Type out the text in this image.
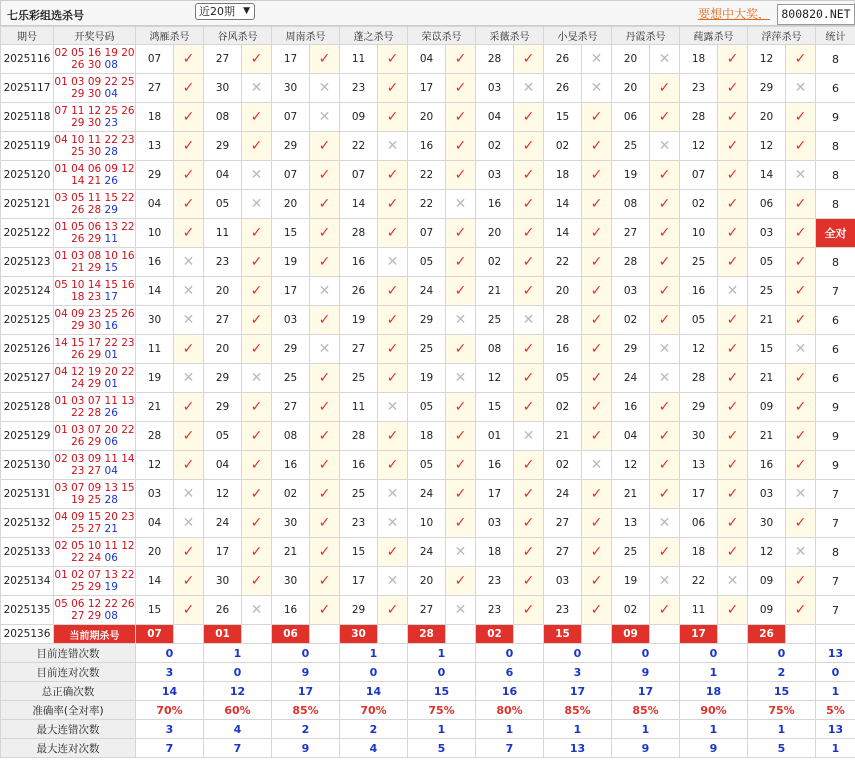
七乐彩组选杀号	近20期 ▼	要想中大奖， 800820.NET
期号	开奖号码	鸿雁杀号		谷风杀号		周南杀号		蓬之杀号		荣苡杀号		采薇杀号		小旻杀号		丹霞杀号		莼露杀号		浮萍杀号		统计
2025116	02 05 16 19 20
26 30 08	07	✓	27	✓	17	✓	11	✓	04	✓	28	✓	26	✕	20	✕	18	✓	12	✓	8
2025117	01 03 09 22 25
29 30 04	27	✓	30	✕	30	✕	23	✓	17	✓	03	✕	26	✕	20	✓	23	✓	29	✕	6
2025118	07 11 12 25 26
29 30 23	18	✓	08	✓	07	✕	09	✓	20	✓	04	✓	15	✓	06	✓	28	✓	20	✓	9
2025119	04 10 11 22 23
25 30 28	13	✓	29	✓	29	✓	22	✕	16	✓	02	✓	02	✓	25	✕	12	✓	12	✓	8
2025120	01 04 06 09 12
14 21 26	29	✓	04	✕	07	✓	07	✓	22	✓	03	✓	18	✓	19	✓	07	✓	14	✕	8
2025121	03 05 11 15 22
26 28 29	04	✓	05	✕	20	✓	14	✓	22	✕	16	✓	14	✓	08	✓	02	✓	06	✓	8
2025122	01 05 06 13 22
26 29 11	10	✓	11	✓	15	✓	28	✓	07	✓	20	✓	14	✓	27	✓	10	✓	03	✓	全对
2025123	01 03 08 10 16
21 29 15	16	✕	23	✓	19	✓	16	✕	05	✓	02	✓	22	✓	28	✓	25	✓	05	✓	8
2025124	05 10 14 15 16
18 23 17	14	✕	20	✓	17	✕	26	✓	24	✓	21	✓	20	✓	03	✓	16	✕	25	✓	7
2025125	04 09 23 25 26
29 30 16	30	✕	27	✓	03	✓	19	✓	29	✕	25	✕	28	✓	02	✓	05	✓	21	✓	6
2025126	14 15 17 22 23
26 29 01	11	✓	20	✓	29	✕	27	✓	25	✓	08	✓	16	✓	29	✕	12	✓	15	✕	6
2025127	04 12 19 20 22
24 29 01	19	✕	29	✕	25	✓	25	✓	19	✕	12	✓	05	✓	24	✕	28	✓	21	✓	6
2025128	01 03 07 11 13
22 28 26	21	✓	29	✓	27	✓	11	✕	05	✓	15	✓	02	✓	16	✓	29	✓	09	✓	9
2025129	01 03 07 20 22
26 29 06	28	✓	05	✓	08	✓	28	✓	18	✓	01	✕	21	✓	04	✓	30	✓	21	✓	9
2025130	02 03 09 11 14
23 27 04	12	✓	04	✓	16	✓	16	✓	05	✓	16	✓	02	✕	12	✓	13	✓	16	✓	9
2025131	03 07 09 13 15
19 25 28	03	✕	12	✓	02	✓	25	✕	24	✓	17	✓	24	✓	21	✓	17	✓	03	✕	7
2025132	04 09 15 20 23
25 27 21	04	✕	24	✓	30	✓	23	✕	10	✓	03	✓	27	✓	13	✕	06	✓	30	✓	7
2025133	02 05 10 11 12
22 24 06	20	✓	17	✓	21	✓	15	✓	24	✕	18	✓	27	✓	25	✓	18	✓	12	✕	8
2025134	01 02 07 13 22
25 29 19	14	✓	30	✓	30	✓	17	✕	20	✓	23	✓	03	✓	19	✕	22	✕	09	✓	7
2025135	05 06 12 22 26
27 29 08	15	✓	26	✕	16	✓	29	✓	27	✕	23	✓	23	✓	02	✓	11	✓	09	✓	7
2025136	当前期杀号	07		01		06		30		28		02		15		09		17		26		
目前连错次数		0		1		0		1		1		0		0		0		0		0		13
目前连对次数		3		0		9		0		0		6		3		9		1		2		0
总正确次数		14		12		17		14		15		16		17		17		18		15		1
准确率(全对率)		70%		60%		85%		70%		75%		80%		85%		85%		90%		75%		5%
最大连错次数		3		4		2		2		1		1		1		1		1		1		13
最大连对次数		7		7		9		4		5		7		13		9		9		5		1
